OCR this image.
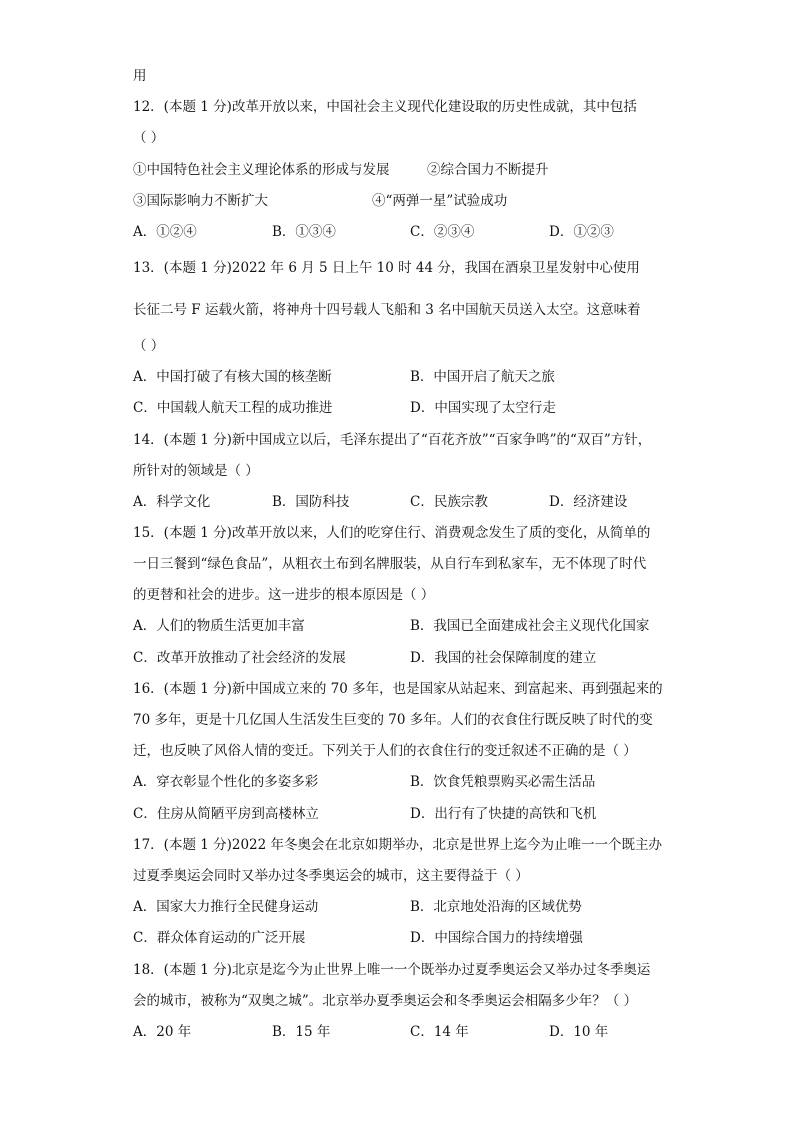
用
12．(本题 1 分)改革开放以来，中国社会主义现代化建设取的历史性成就，其中包括
（ ）
①中国特色社会主义理论体系的形成与发展	②综合国力不断提升
③国际影响力不断扩大	④“两弹一星”试验成功
A．①②④	B．①③④	C．②③④	D．①②③
13．(本题 1 分)2022 年 6 月 5 日上午 10 时 44 分，我国在酒泉卫星发射中心使用
长征二号 F 运载火箭，将神舟十四号载人飞船和 3 名中国航天员送入太空。这意味着
（ ）
A．中国打破了有核大国的核垄断	B．中国开启了航天之旅
C．中国载人航天工程的成功推进	D．中国实现了太空行走
14．(本题 1 分)新中国成立以后，毛泽东提出了“百花齐放”“百家争鸣”的“双百”方针，
所针对的领域是（ ）
A．科学文化	B．国防科技	C．民族宗教	D．经济建设
15．(本题 1 分)改革开放以来，人们的吃穿住行、消费观念发生了质的变化，从简单的
一日三餐到“绿色食品”，从粗衣土布到名牌服装，从自行车到私家车，无不体现了时代
的更替和社会的进步。这一进步的根本原因是（ ）
A．人们的物质生活更加丰富	B．我国已全面建成社会主义现代化国家
C．改革开放推动了社会经济的发展	D．我国的社会保障制度的建立
16．(本题 1 分)新中国成立来的 70 多年，也是国家从站起来、到富起来、再到强起来的
70 多年，更是十几亿国人生活发生巨变的 70 多年。人们的衣食住行既反映了时代的变
迁，也反映了风俗人情的变迁。下列关于人们的衣食住行的变迁叙述不正确的是（ ）
A．穿衣彰显个性化的多姿多彩	B．饮食凭粮票购买必需生活品
C．住房从简陋平房到高楼林立	D．出行有了快捷的高铁和飞机
17．(本题 1 分)2022 年冬奥会在北京如期举办，北京是世界上迄今为止唯一一个既主办
过夏季奥运会同时又举办过冬季奥运会的城市，这主要得益于（ ）
A．国家大力推行全民健身运动	B．北京地处沿海的区域优势
C．群众体育运动的广泛开展	D．中国综合国力的持续增强
18．(本题 1 分)北京是迄今为止世界上唯一一个既举办过夏季奥运会又举办过冬季奥运
会的城市，被称为“双奥之城”。北京举办夏季奥运会和冬季奥运会相隔多少年？（ ）
A．20 年	B．15 年	C．14 年	D．10 年
